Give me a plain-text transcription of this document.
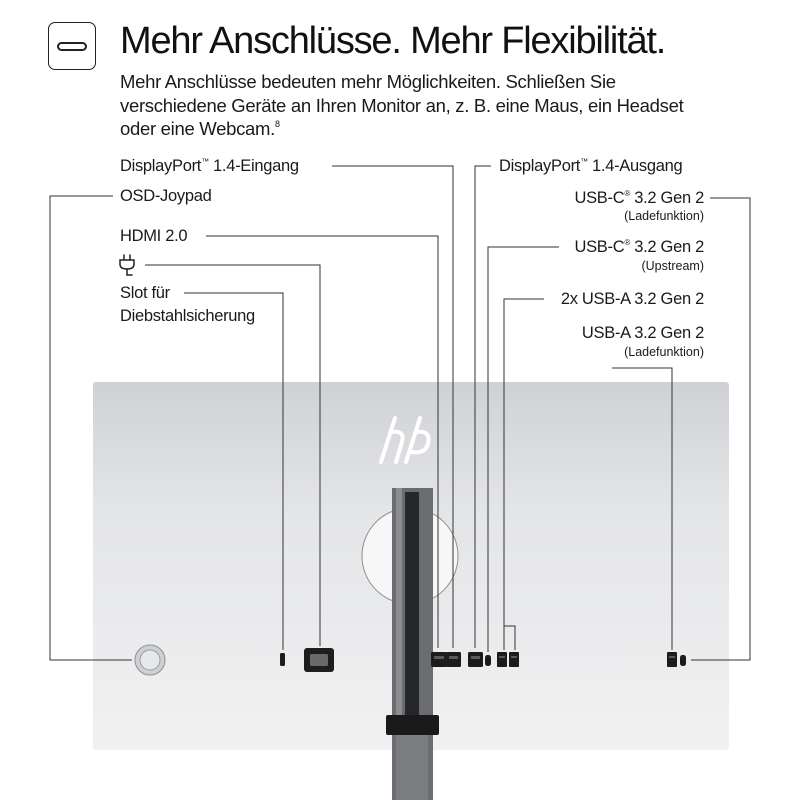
Mehr Anschlüsse. Mehr Flexibilität.

Mehr Anschlüsse bedeuten mehr Möglichkeiten. Schließen Sie verschiedene Geräte an Ihren Monitor an, z. B. eine Maus, ein Headset oder eine Webcam.$^8$

DisplayPort™ 1.4-Eingang
OSD-Joypad
HDMI 2.0
Slot für
Diebstahlsicherung
DisplayPort™ 1.4-Ausgang
USB-C® 3.2 Gen 2
(Ladefunktion)
USB-C® 3.2 Gen 2
(Upstream)
2x USB-A 3.2 Gen 2
USB-A 3.2 Gen 2
(Ladefunktion)
